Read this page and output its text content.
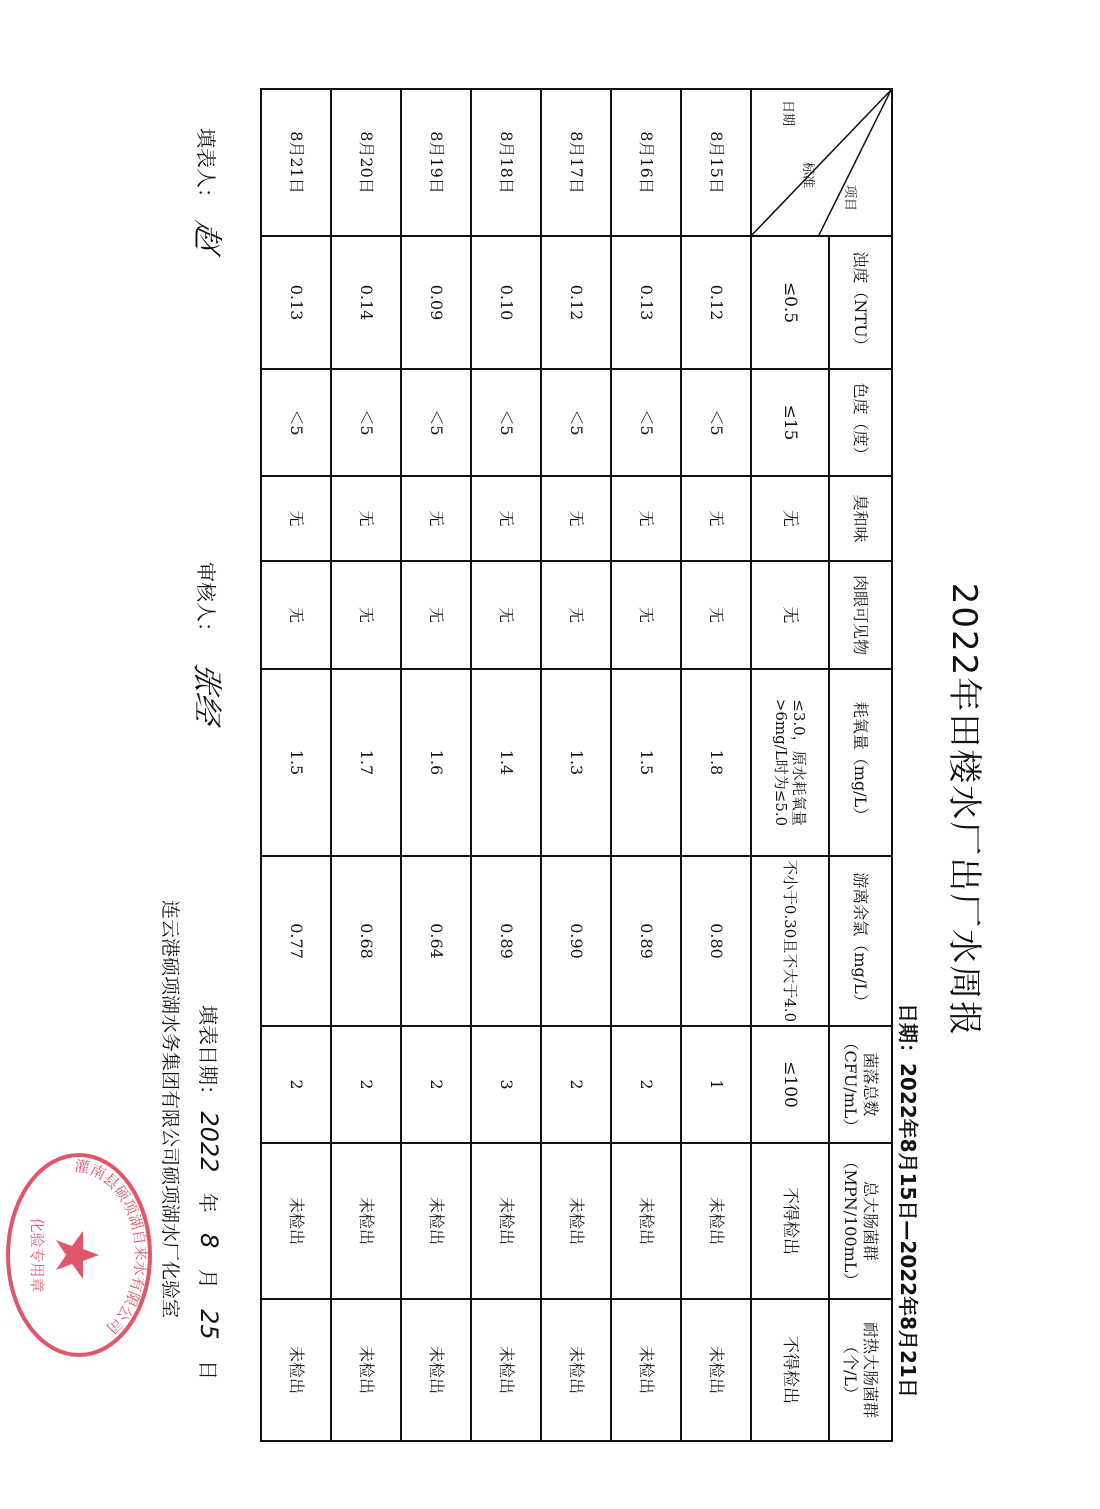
2022年田楼水厂出厂水周报
日期：2022年8月15日—2022年8月21日
项目
标准
日期	浊度（NTU）	色度（度）	臭和味	肉眼可见物	耗氧量（mg/L）	游离余氯（mg/L）	菌落总数（CFU/mL）	总大肠菌群（MPN/100mL）	耐热大肠菌群（个/L）
	≤0.5	≤15	无	无	≤3.0，原水耗氧量>6mg/L时为≤5.0	不小于0.30且不大于4.0	≤100	不得检出	不得检出
8月15日	0.12	＜5	无	无	1.8	0.80	1	未检出	未检出
8月16日	0.13	＜5	无	无	1.5	0.89	2	未检出	未检出
8月17日	0.12	＜5	无	无	1.3	0.90	2	未检出	未检出
8月18日	0.10	＜5	无	无	1.4	0.89	3	未检出	未检出
8月19日	0.09	＜5	无	无	1.6	0.64	2	未检出	未检出
8月20日	0.14	＜5	无	无	1.7	0.68	2	未检出	未检出
8月21日	0.13	＜5	无	无	1.5	0.77	2	未检出	未检出
填表人：
赵
审核人：
张经
填表日期： 2022 年 8 月 25 日
连云港硕项湖水务集团有限公司硕项湖水厂化验室
灌南县硕项湖自来水有限公司
化验专用章
